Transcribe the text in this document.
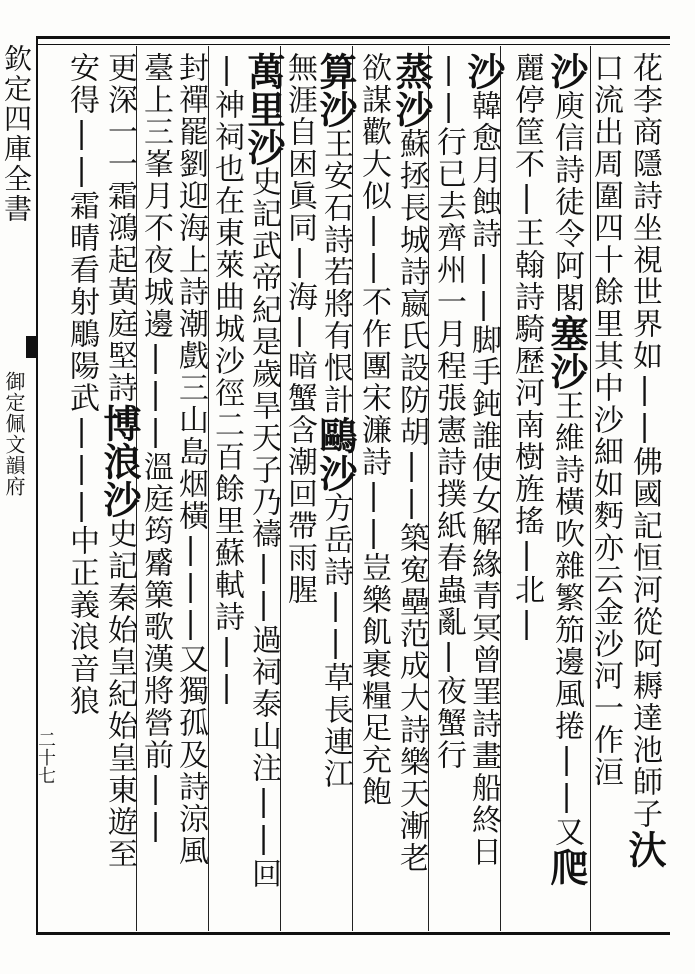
欽定四庫全書
御定佩文韻府
二十七	花李商隱詩坐視世界如||佛國記恒河從阿耨達池師子
汏
口流出周圍四十餘里其中沙細如麪亦云金沙河一作洹
沙
庾信詩徒令阿閣
塞沙
王維詩橫吹雜繁笳邊風捲||又
爬
麗停筐不|
王翰詩騎歷河南樹旌搖|北|
沙
韓愈月蝕詩||脚手鈍誰使女解緣青冥曾罣詩畫船終日
||行已去齊州一月程張憲詩撲紙春蟲亂|夜蟹行
蒸沙
蘇拯長城詩嬴氏設防胡||築寃壘范成大詩樂天漸老
欲謀歡大似||不作團宋濂詩||豈樂飢裹糧足充飽
算沙
王安石詩若將有恨計
鷗沙
方岳詩||草長連江
無涯自困眞同|海|
暗蟹含潮回帶雨腥
萬里沙
史記武帝紀是歲旱天子乃禱||過祠泰山注||回
|神祠也在東萊曲城沙徑二百餘里蘇軾詩||
封禪罷劉迎海上詩潮戲三山島烟橫|||又獨孤及詩涼風
臺上三峯月不夜城邊|||溫庭筠觱篥歌漢將營前||
更深一一霜鴻起黃庭堅詩
博浪沙
史記秦始皇紀始皇東遊至
安得||霜晴看射鵰
陽武|||中正義浪音狼
